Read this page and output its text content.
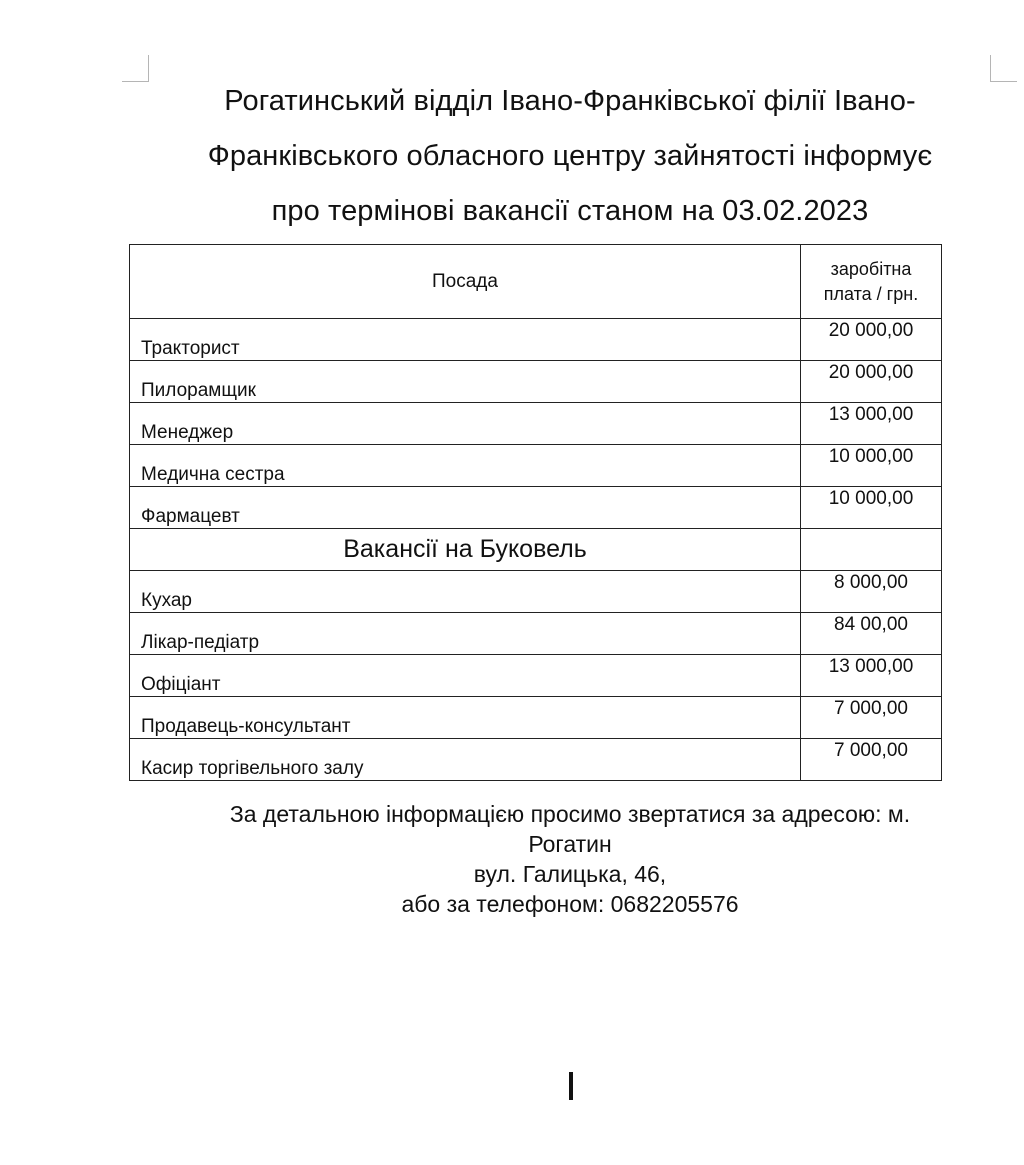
Рогатинський відділ Івано-Франківської філії Івано-
Франківського обласного центру зайнятості інформує
про термінові вакансії станом на 03.02.2023
Посада	заробітна
плата / грн.

Тракторист	20 000,00
Пилорамщик	20 000,00
Менеджер	13 000,00
Медична сестра	10 000,00
Фармацевт	10 000,00
Вакансії на Буковель	
Кухар	8 000,00
Лікар-педіатр	84 00,00
Офіціант	13 000,00
Продавець-консультант	7 000,00
Касир торгівельного залу	7 000,00
За детальною інформацією просимо звертатися за адресою: м.
Рогатин
вул. Галицька, 46,
або за телефоном: 0682205576
